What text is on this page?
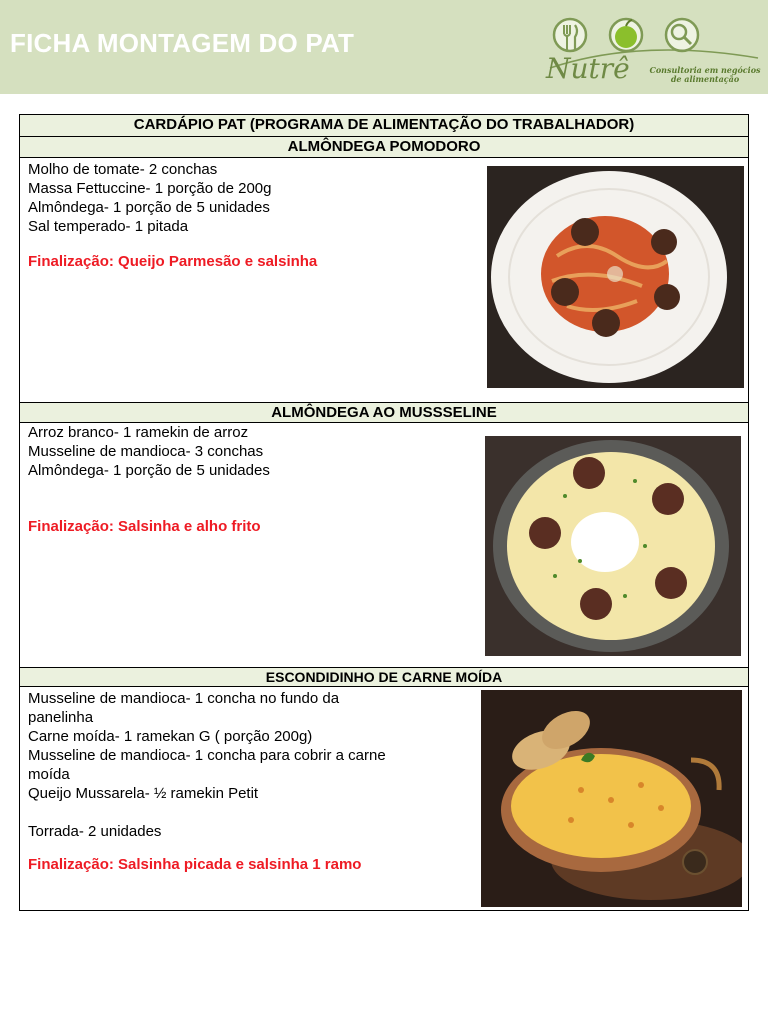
FICHA MONTAGEM DO PAT
Nutrê	Consultoria em negócios de alimentação
CARDÁPIO PAT (PROGRAMA DE ALIMENTAÇÃO DO TRABALHADOR)
ALMÔNDEGA POMODORO
Molho de tomate- 2 conchas
Massa Fettuccine- 1 porção de 200g
Almôndega- 1 porção de 5 unidades
Sal temperado- 1 pitada
Finalização: Queijo Parmesão e salsinha
ALMÔNDEGA AO MUSSSELINE
Arroz branco- 1 ramekin de arroz
Musseline de mandioca- 3 conchas
Almôndega- 1 porção de 5 unidades
Finalização: Salsinha e alho frito
ESCONDIDINHO DE CARNE MOÍDA
Musseline de mandioca- 1 concha no fundo da
panelinha
Carne moída- 1 ramekan G ( porção 200g)
Musseline de mandioca- 1 concha para cobrir a carne
moída
Queijo Mussarela- ½ ramekin Petit
Torrada- 2 unidades
Finalização: Salsinha picada e salsinha 1 ramo
